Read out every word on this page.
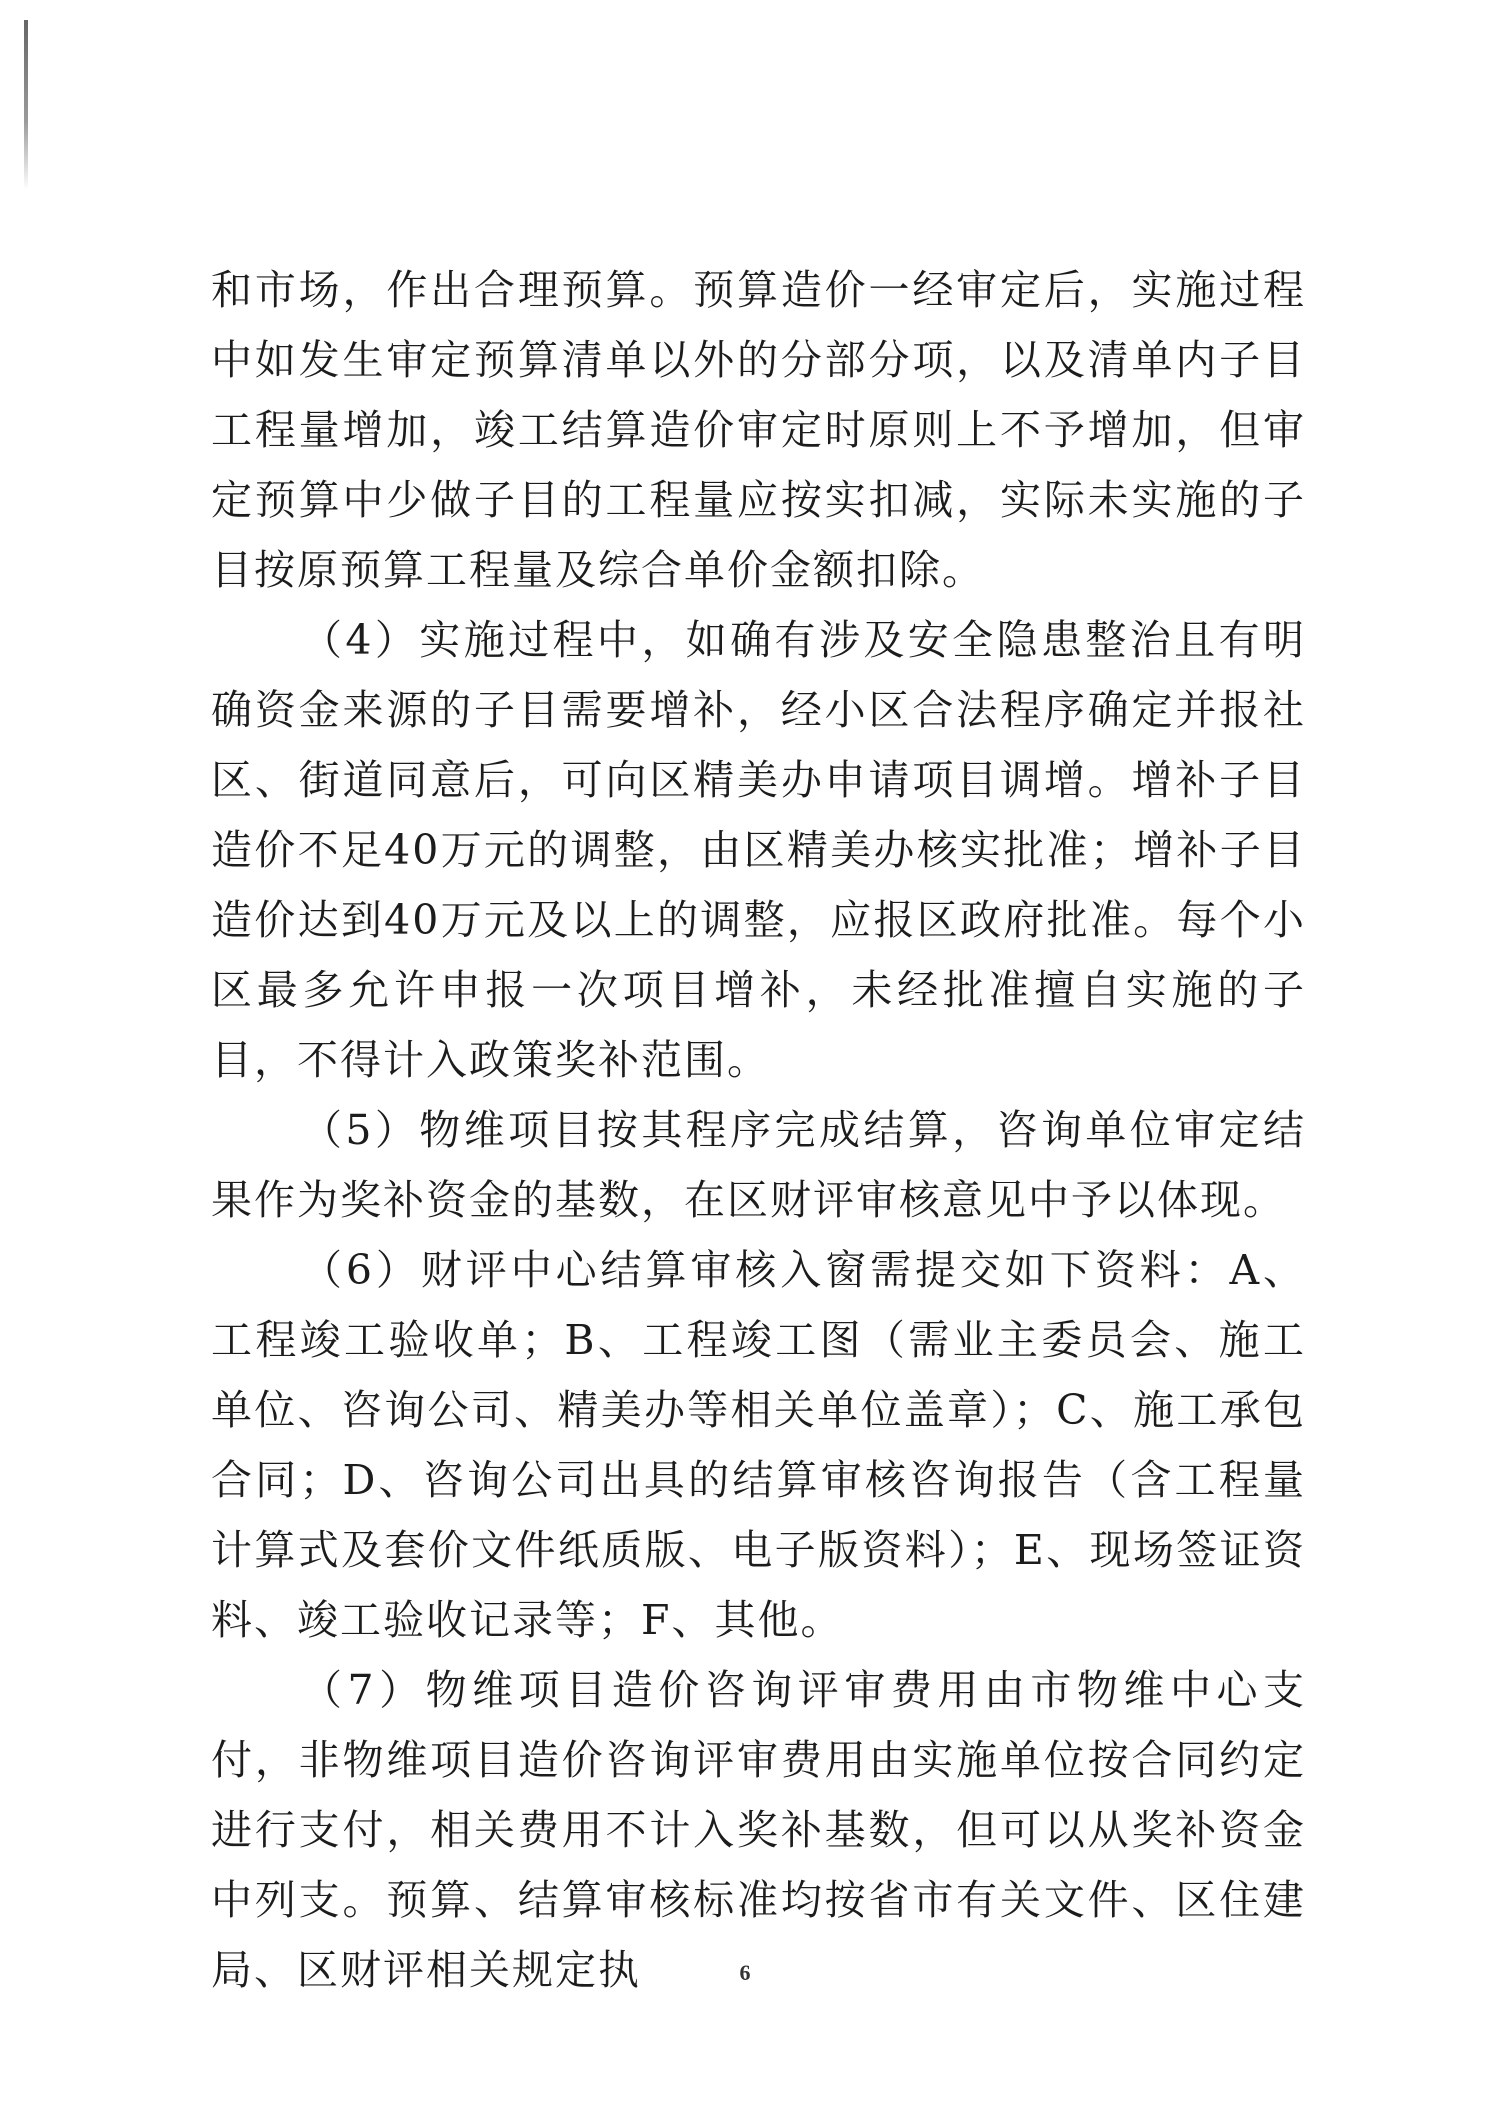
和市场，作出合理预算。预算造价一经审定后，实施过程中如发生审定预算清单以外的分部分项，以及清单内子目工程量增加，竣工结算造价审定时原则上不予增加，但审定预算中少做子目的工程量应按实扣减，实际未实施的子目按原预算工程量及综合单价金额扣除。

（4）实施过程中，如确有涉及安全隐患整治且有明确资金来源的子目需要增补，经小区合法程序确定并报社区、街道同意后，可向区精美办申请项目调增。增补子目造价不足40万元的调整，由区精美办核实批准；增补子目造价达到40万元及以上的调整，应报区政府批准。每个小区最多允许申报一次项目增补，未经批准擅自实施的子目，不得计入政策奖补范围。

（5）物维项目按其程序完成结算，咨询单位审定结果作为奖补资金的基数，在区财评审核意见中予以体现。

（6）财评中心结算审核入窗需提交如下资料：A、工程竣工验收单；B、工程竣工图（需业主委员会、施工单位、咨询公司、精美办等相关单位盖章）；C、施工承包合同；D、咨询公司出具的结算审核咨询报告（含工程量计算式及套价文件纸质版、电子版资料）；E、现场签证资料、竣工验收记录等；F、其他。

（7）物维项目造价咨询评审费用由市物维中心支付，非物维项目造价咨询评审费用由实施单位按合同约定进行支付，相关费用不计入奖补基数，但可以从奖补资金中列支。预算、结算审核标准均按省市有关文件、区住建局、区财评相关规定执	6
